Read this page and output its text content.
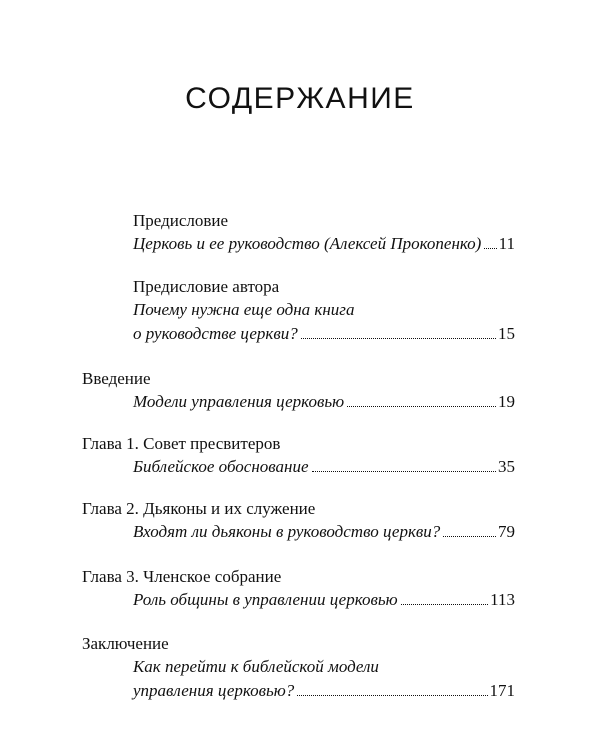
СОДЕРЖАНИЕ
Предисловие
Церковь и ее руководство (Алексей Прокопенко) 11
Предисловие автора
Почему нужна еще одна книга
о руководстве церкви?	15
Введение
Модели управления церковью	19
Глава 1. Совет пресвитеров
Библейское обоснование	35
Глава 2. Дьяконы и их служение
Входят ли дьяконы в руководство церкви?	79
Глава 3. Членское собрание
Роль общины в управлении церковью	113
Заключение
Как перейти к библейской модели
управления церковью?	171
